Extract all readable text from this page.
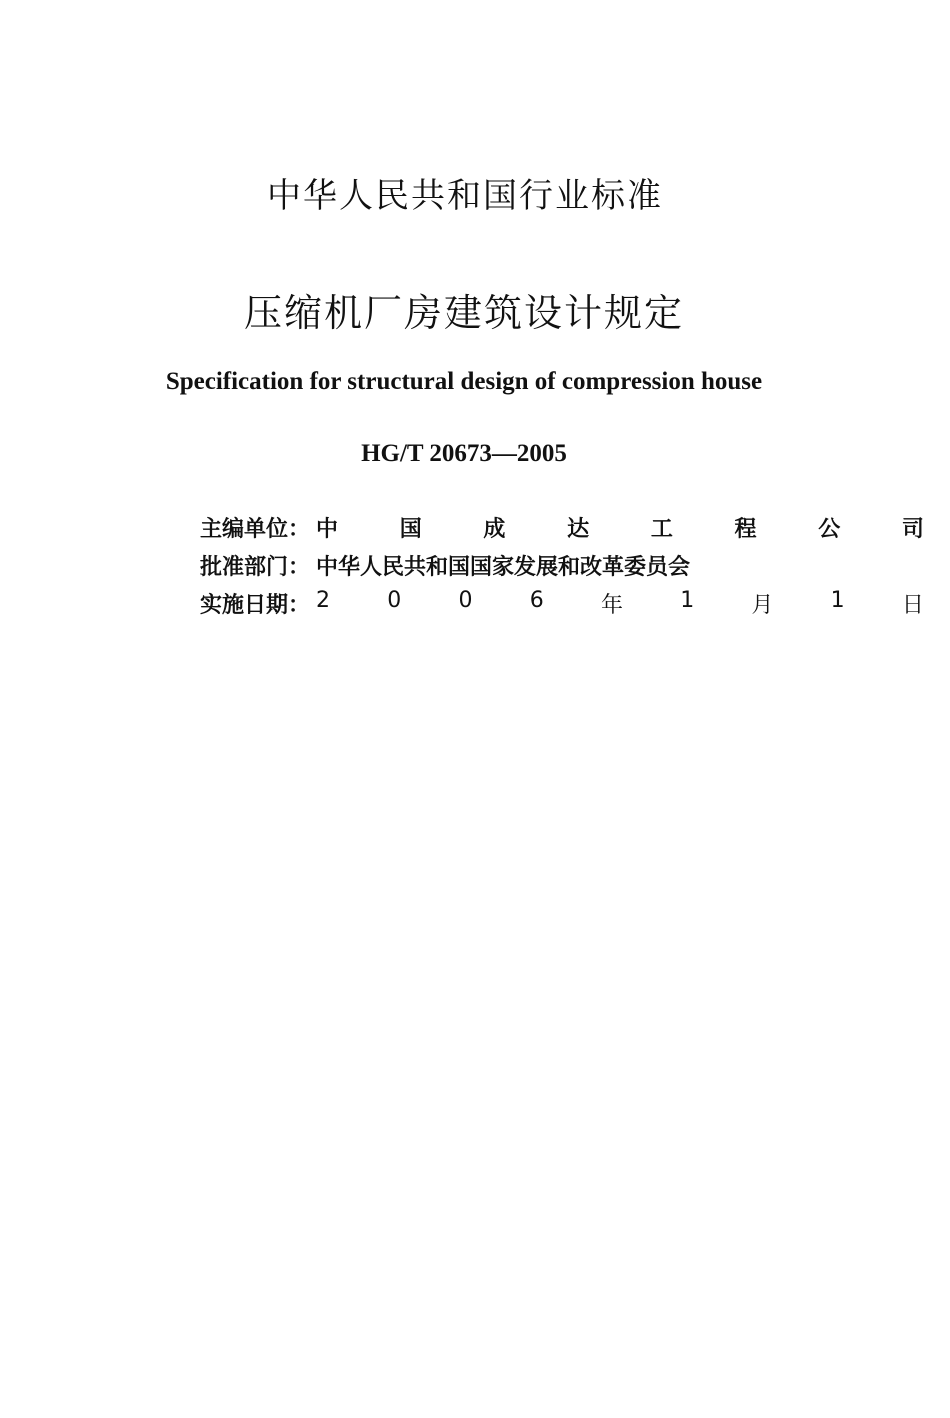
中华人民共和国行业标准
压缩机厂房建筑设计规定
Specification for structural design of compression house
HG/T 20673—2005
主编单位： 中	国	成	达	工	程	公	司
批准部门： 中华人民共和国国家发展和改革委员会
实施日期： 2	0	0	6	年	1	月	1	日
